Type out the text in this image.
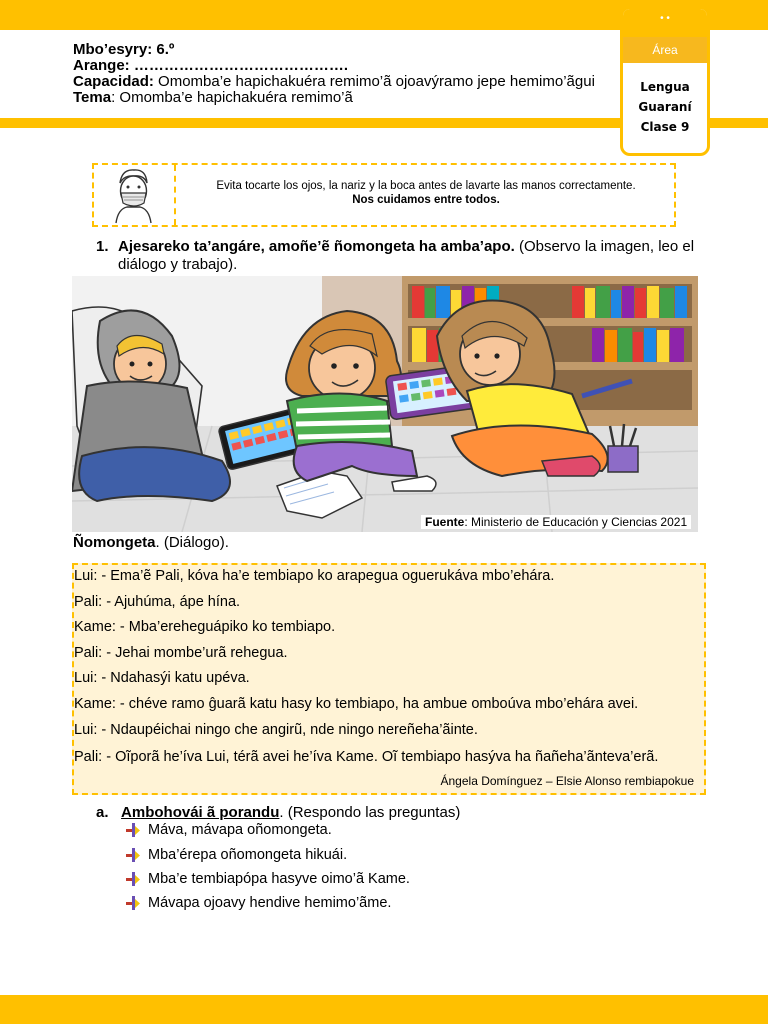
Mbo’esyry: 6.º
Arange: …………………………………….
Capacidad: Omomba’e hapichakuéra remimo’ã ojoavýramo jepe hemimo’ãgui
Tema: Omomba’e hapichakuéra remimo’ã
• •
Área
Lengua
Guaraní
Clase 9
Evita tocarte los ojos, la nariz y la boca antes de lavarte las manos correctamente.
Nos cuidamos entre todos.
1. Ajesareko ta’angáre, amoñe’ẽ ñomongeta ha amba’apo. (Observo la imagen, leo el diálogo y trabajo).
Fuente: Ministerio de Educación y Ciencias 2021
Ñomongeta. (Diálogo).
Lui: - Ema’ẽ Pali, kóva ha’e tembiapo ko arapegua oguerukáva mbo’ehára.
Pali: - Ajuhúma, ápe hína.
Kame: - Mba’ereheguápiko ko tembiapo.
Pali: - Jehai mombe’urã rehegua.
Lui: - Ndahasýi katu upéva.
Kame: - chéve ramo ĝuarã katu hasy ko tembiapo, ha ambue omboúva mbo’ehára avei.
Lui: - Ndaupéichai ningo che angirũ, nde ningo nereñeha’ãinte.
Pali: - Oĩporã he’íva Lui, térã avei he’íva Kame. Oĩ tembiapo hasýva ha ñañeha’ãnteva’erã.
Ángela Domínguez – Elsie Alonso rembiapokue
a. Ambohovái ã porandu. (Respondo las preguntas)
Máva, mávapa oñomongeta.
Mba’érepa oñomongeta hikuái.
Mba’e tembiapópa hasyve oimo’ã Kame.
Mávapa ojoavy hendive hemimo’ãme.
